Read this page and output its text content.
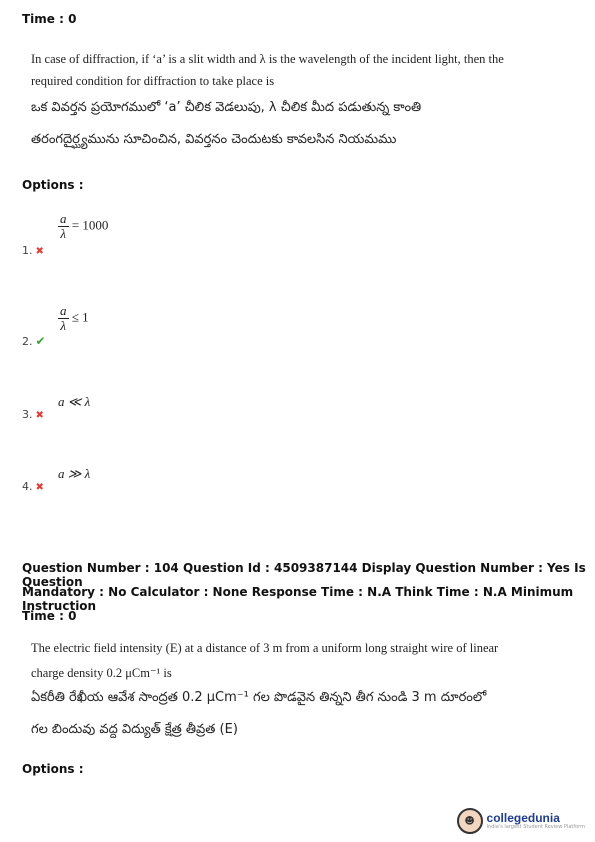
Time : 0
In case of diffraction, if ‘a’ is a slit width and λ is the wavelength of the incident light, then the
required condition for diffraction to take place is
ఒక వివర్తన ప్రయోగములో ‘a’ చీలిక వెడలుపు, λ చీలిక మీద పడుతున్న కాంతి
తరంగదైర్ఘ్యమును సూచించిన, వివర్తనం చెందుటకు కావలసిన నియమము
Options :
$\frac{a}{\lambda} = 1000$
1. ✖
$\frac{a}{\lambda} \le 1$
2. ✔
a ≪ λ
3. ✖
a ≫ λ
4. ✖
Question Number : 104 Question Id : 4509387144 Display Question Number : Yes Is Question
Mandatory : No Calculator : None Response Time : N.A Think Time : N.A Minimum Instruction
Time : 0
The electric field intensity (E) at a distance of 3 m from a uniform long straight wire of linear
charge density 0.2 μCm⁻¹ is
ఏకరీతి రేఖీయ ఆవేశ సాంద్రత 0.2 μCm⁻¹ గల పొడవైన తిన్నని తీగ నుండి 3 m దూరంలో
గల బిందువు వద్ద విద్యుత్ క్షేత్ర తీవ్రత (E)
Options :
☻ collegedunia
India's largest Student Review Platform
